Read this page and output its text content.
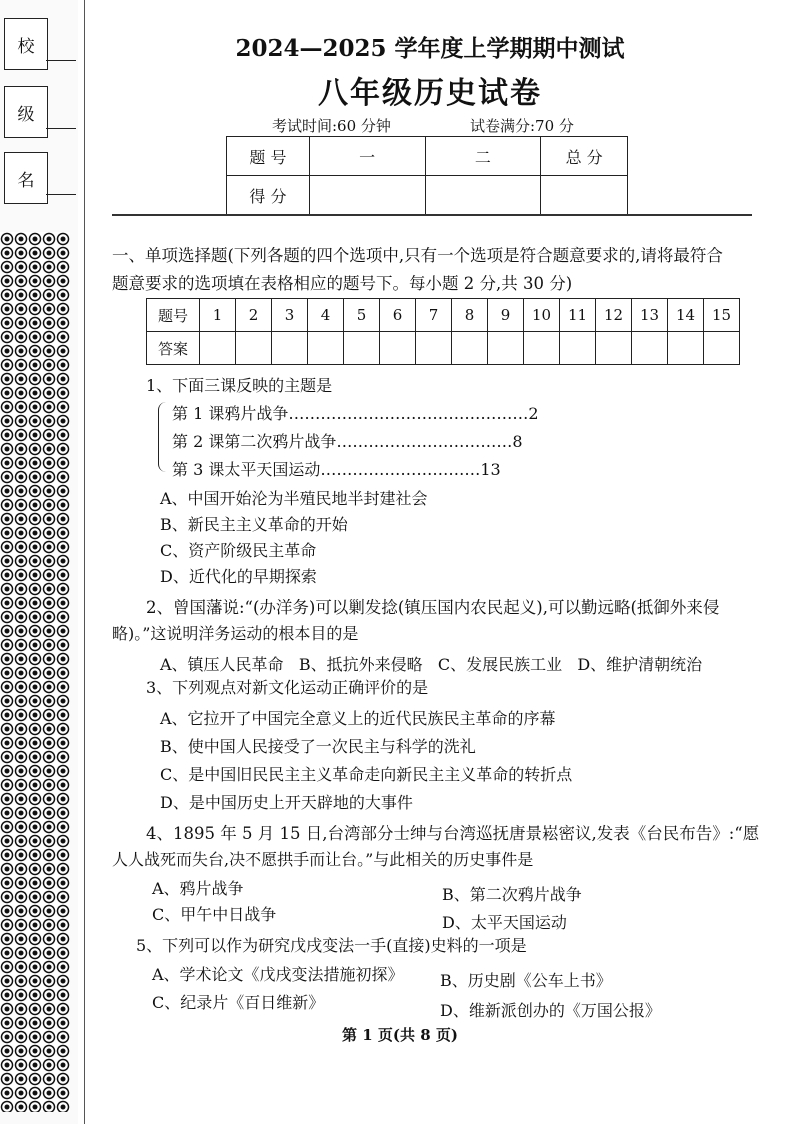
校
级
名
2024—2025 学年度上学期期中测试
八年级历史试卷
考试时间:60 分钟	试卷满分:70 分
题 号	一	二	总 分
得 分			
一、单项选择题(下列各题的四个选项中,只有一个选项是符合题意要求的,请将最符合
题意要求的选项填在表格相应的题号下。每小题 2 分,共 30 分)
题号	1	2	3	4	5	6	7	8	9	10	11	12	13	14	15
答案															
1、下面三课反映的主题是
第 1 课鸦片战争………………………………………2
第 2 课第二次鸦片战争……………………………8
第 3 课太平天国运动…………………………13
A、中国开始沦为半殖民地半封建社会
B、新民主主义革命的开始
C、资产阶级民主革命
D、近代化的早期探索
2、曾国藩说:“(办洋务)可以剿发捻(镇压国内农民起义),可以勤远略(抵御外来侵
略)。”这说明洋务运动的根本目的是
A、镇压人民革命   B、抵抗外来侵略   C、发展民族工业   D、维护清朝统治
3、下列观点对新文化运动正确评价的是
A、它拉开了中国完全意义上的近代民族民主革命的序幕
B、使中国人民接受了一次民主与科学的洗礼
C、是中国旧民民主主义革命走向新民主主义革命的转折点
D、是中国历史上开天辟地的大事件
4、1895 年 5 月 15 日,台湾部分士绅与台湾巡抚唐景崧密议,发表《台民布告》:“愿
人人战死而失台,决不愿拱手而让台。”与此相关的历史事件是
A、鸦片战争	B、第二次鸦片战争
C、甲午中日战争	D、太平天国运动
5、下列可以作为研究戊戌变法一手(直接)史料的一项是
A、学术论文《戊戌变法措施初探》 B、历史剧《公车上书》
C、纪录片《百日维新》	D、维新派创办的《万国公报》
第 1 页(共 8 页)
